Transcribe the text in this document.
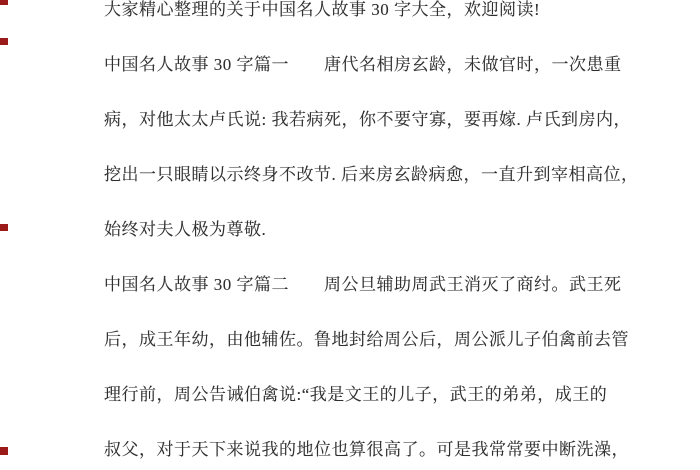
大家精心整理的关于中国名人故事 30 字大全，欢迎阅读!
中国名人故事 30 字篇一　　唐代名相房玄龄，未做官时，一次患重
病，对他太太卢氏说: 我若病死，你不要守寡，要再嫁. 卢氏到房内，
挖出一只眼睛以示终身不改节. 后来房玄龄病愈，一直升到宰相高位，
始终对夫人极为尊敬.
中国名人故事 30 字篇二　　周公旦辅助周武王消灭了商纣。武王死
后，成王年幼，由他辅佐。鲁地封给周公后，周公派儿子伯禽前去管
理行前，周公告诫伯禽说:“我是文王的儿子，武王的弟弟，成王的
叔父，对于天下来说我的地位也算很高了。可是我常常要中断洗澡，
